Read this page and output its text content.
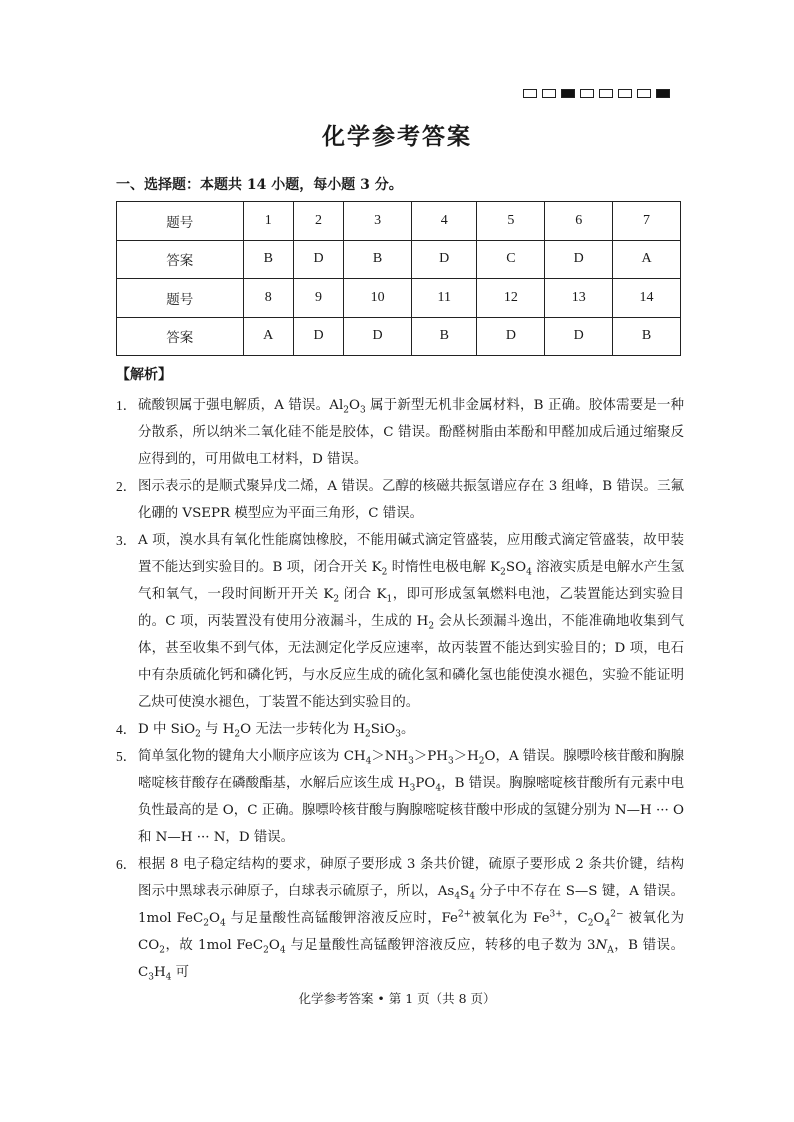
化学参考答案
一、选择题：本题共 14 小题，每小题 3 分。
题号	1	2	3	4	5	6	7
答案	B	D	B	D	C	D	A
题号	8	9	10	11	12	13	14
答案	A	D	D	B	D	D	B
【解析】
1． 硫酸钡属于强电解质，A 错误。$Al_2O_3$ 属于新型无机非金属材料，B 正确。胶体需要是一种分散系，所以纳米二氧化硅不能是胶体，C 错误。酚醛树脂由苯酚和甲醛加成后通过缩聚反应得到的，可用做电工材料，D 错误。
2． 图示表示的是顺式聚异戊二烯，A 错误。乙醇的核磁共振氢谱应存在 3 组峰，B 错误。三氟化硼的 VSEPR 模型应为平面三角形，C 错误。
3． A 项，溴水具有氧化性能腐蚀橡胶，不能用碱式滴定管盛装，应用酸式滴定管盛装，故甲装置不能达到实验目的。B 项，闭合开关 $K_2$ 时惰性电极电解 $K_2SO_4$ 溶液实质是电解水产生氢气和氧气，一段时间断开开关 $K_2$ 闭合 $K_1$，即可形成氢氧燃料电池，乙装置能达到实验目的。C 项，丙装置没有使用分液漏斗，生成的 $H_2$ 会从长颈漏斗逸出，不能准确地收集到气体，甚至收集不到气体，无法测定化学反应速率，故丙装置不能达到实验目的；D 项，电石中有杂质硫化钙和磷化钙，与水反应生成的硫化氢和磷化氢也能使溴水褪色，实验不能证明乙炔可使溴水褪色，丁装置不能达到实验目的。
4． D 中 SiO$_2$ 与 $H_2O$ 无法一步转化为 $H_2SiO_3$。
5． 简单氢化物的键角大小顺序应该为 $CH_4>NH_3>PH_3>H_2O$，A 错误。腺嘌呤核苷酸和胸腺嘧啶核苷酸存在磷酸酯基，水解后应该生成 $H_3PO_4$，B 错误。胸腺嘧啶核苷酸所有元素中电负性最高的是 O，C 正确。腺嘌呤核苷酸与胸腺嘧啶核苷酸中形成的氢键分别为 N—H ··· O 和 N—H ··· N，D 错误。
6． 根据 8 电子稳定结构的要求，砷原子要形成 3 条共价键，硫原子要形成 2 条共价键，结构图示中黑球表示砷原子，白球表示硫原子，所以，$As_4S_4$ 分子中不存在 S—S 键，A 错误。1mol $FeC_2O_4$ 与足量酸性高锰酸钾溶液反应时，$Fe^{2+}$被氧化为 $Fe^{3+}$，$C_2O_4^{2-}$ 被氧化为 $CO_2$，故 1mol $FeC_2O_4$ 与足量酸性高锰酸钾溶液反应，转移的电子数为 $3N_A$，B 错误。$C_3H_4$ 可
化学参考答案 • 第 1 页（共 8 页）
